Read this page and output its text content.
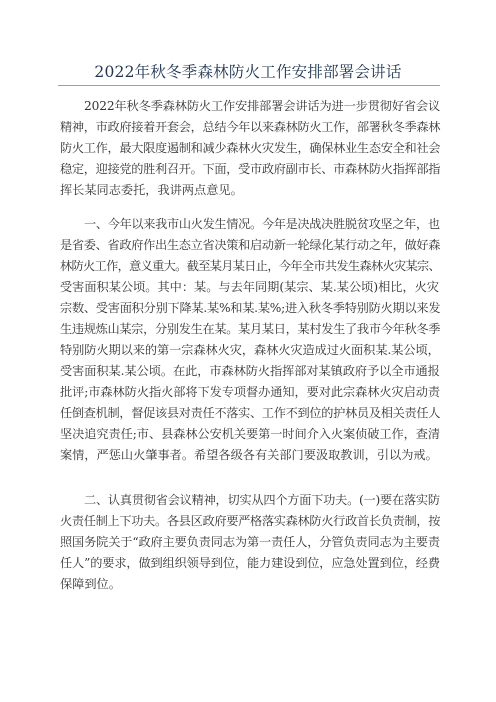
2022年秋冬季森林防火工作安排部署会讲话
2022年秋冬季森林防火工作安排部署会讲话为进一步贯彻好省会议
精神，市政府接着开套会，总结今年以来森林防火工作，部署秋冬季森林
防火工作，最大限度遏制和减少森林火灾发生，确保林业生态安全和社会
稳定，迎接党的胜利召开。下面，受市政府副市长、市森林防火指挥部指
挥长某同志委托，我讲两点意见。
一、今年以来我市山火发生情况。今年是决战决胜脱贫攻坚之年，也
是省委、省政府作出生态立省决策和启动新一轮绿化某行动之年，做好森
林防火工作，意义重大。截至某月某日止，今年全市共发生森林火灾某宗、
受害面积某公顷。其中：某。与去年同期(某宗、某.某公顷)相比，火灾
宗数、受害面积分别下降某.某%和某.某%;进入秋冬季特别防火期以来发
生违规炼山某宗，分别发生在某。某月某日，某村发生了我市今年秋冬季
特别防火期以来的第一宗森林火灾，森林火灾造成过火面积某.某公顷，
受害面积某.某公顷。在此，市森林防火指挥部对某镇政府予以全市通报
批评;市森林防火指火部将下发专项督办通知，要对此宗森林火灾启动责
任倒查机制，督促该县对责任不落实、工作不到位的护林员及相关责任人
坚决追究责任;市、县森林公安机关要第一时间介入火案侦破工作，查清
案情，严惩山火肇事者。希望各级各有关部门要汲取教训，引以为戒。
二、认真贯彻省会议精神，切实从四个方面下功夫。(一)要在落实防
火责任制上下功夫。各县区政府要严格落实森林防火行政首长负责制，按
照国务院关于“政府主要负责同志为第一责任人，分管负责同志为主要责
任人”的要求，做到组织领导到位，能力建设到位，应急处置到位，经费
保障到位。
